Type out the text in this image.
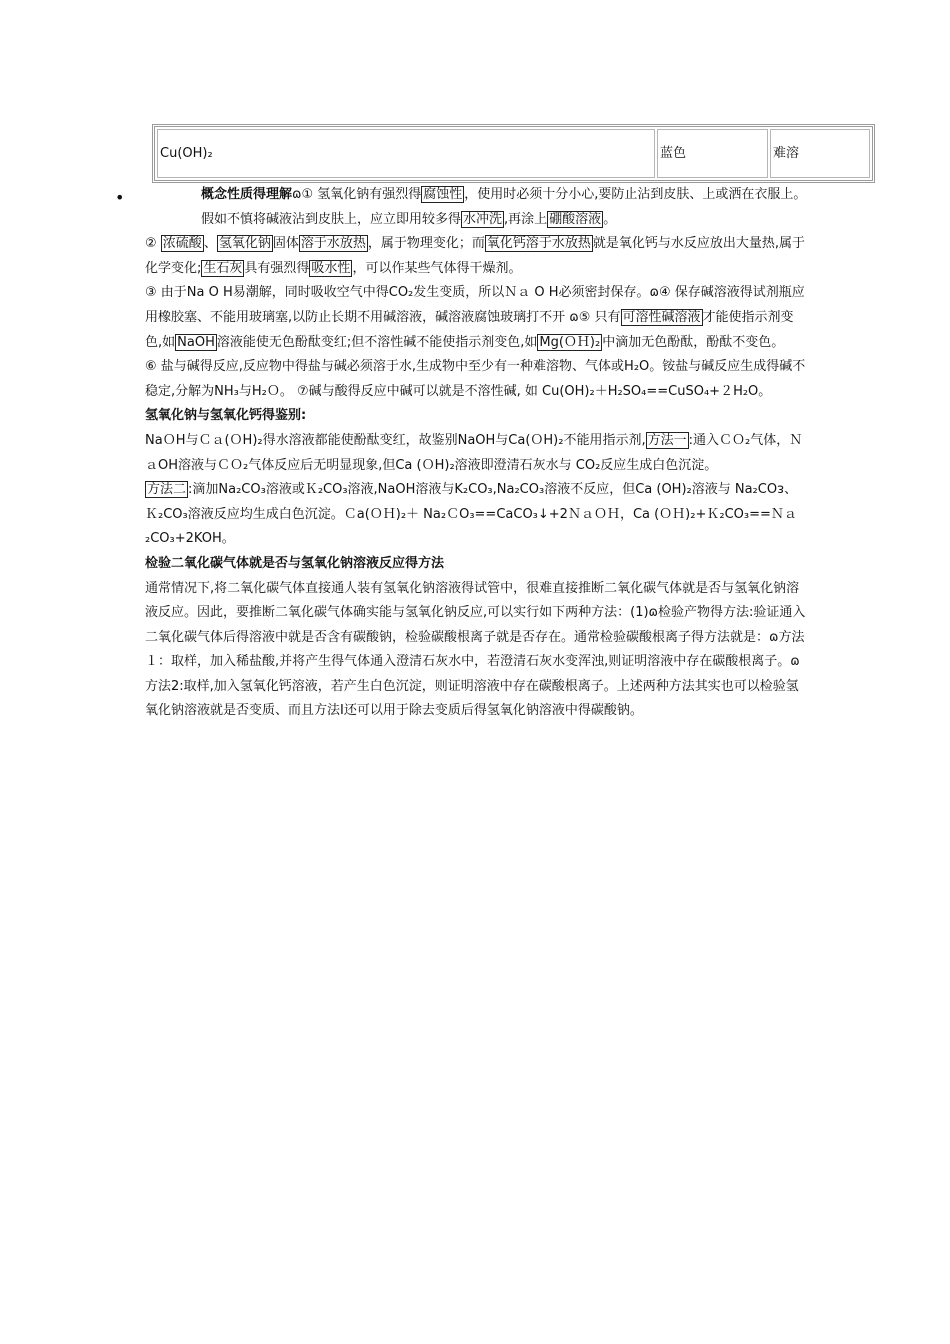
Cu(OH)₂	蓝色	难溶
•	概念性质得理解ɷ① 氢氧化钠有强烈得 腐蚀性 ，使用时必须十分小心,要防止沾到皮肤、上或洒在衣服上。假如不慎将碱液沾到皮肤上，应立即用较多得 水冲洗 ,再涂上 硼酸溶液 。

② 浓硫酸 、 氢氧化钠 固体 溶于水放热 ，属于物理变化；而 氧化钙溶于水放热 就是氧化钙与水反应放出大量热,属于化学变化; 生石灰 具有强烈得 吸水性 ，可以作某些气体得干燥剂。

③ 由于Na O H易潮解，同时吸收空气中得CO₂发生变质，所以Ｎａ O H必须密封保存。ɷ④ 保存碱溶液得试剂瓶应用橡胶塞、不能用玻璃塞,以防止长期不用碱溶液，碱溶液腐蚀玻璃打不开 ɷ⑤ 只有 可溶性碱溶液 才能使指示剂变色,如 NaOH 溶液能使无色酚酞变红;但不溶性碱不能使指示剂变色,如 Mg(ＯＨ)₂ 中滴加无色酚酞，酚酞不变色。

⑥ 盐与碱得反应,反应物中得盐与碱必须溶于水,生成物中至少有一种难溶物、气体或H₂O。铵盐与碱反应生成得碱不稳定,分解为NH₃与H₂Ｏ。 ⑦碱与酸得反应中碱可以就是不溶性碱, 如 Cu(OH)₂＋H₂SO₄==CuSO₄+２H₂O。

氢氧化钠与氢氧化钙得鉴别:

NaＯH与Ｃａ(ＯH)₂得水溶液都能使酚酞变红，故鉴别NaOH与Ca(ＯH)₂不能用指示剂, 方法一 :通入ＣＯ₂气体，ＮａOH溶液与ＣＯ₂气体反应后无明显现象,但Ca (ＯH)₂溶液即澄清石灰水与 CO₂反应生成白色沉淀。

方法二 :滴加Na₂CO₃溶液或Ｋ₂CO₃溶液,NaOH溶液与K₂CO₃,Na₂CO₃溶液不反应，但Ca (OH)₂溶液与 Na₂COᴈ、Ｋ₂CO₃溶液反应均生成白色沉淀。Ｃa(ＯＨ)₂＋ Na₂ＣO₃==CaCO₃↓+2ＮａＯＨ，Ca (ＯＨ)₂+Ｋ₂CO₃==Ｎａ₂CO₃+2KOH。

检验二氧化碳气体就是否与氢氧化钠溶液反应得方法

通常情况下,将二氧化碳气体直接通人装有氢氧化钠溶液得试管中，很难直接推断二氧化碳气体就是否与氢氧化钠溶液反应。因此，要推断二氧化碳气体确实能与氢氧化钠反应,可以实行如下两种方法：(1)ɷ检验产物得方法:验证通入二氧化碳气体后得溶液中就是否含有碳酸钠，检验碳酸根离子就是否存在。通常检验碳酸根离子得方法就是：ɷ方法１：取样，加入稀盐酸,并将产生得气体通入澄清石灰水中，若澄清石灰水变浑浊,则证明溶液中存在碳酸根离子。ɷ方法2:取样,加入氢氧化钙溶液，若产生白色沉淀，则证明溶液中存在碳酸根离子。上述两种方法其实也可以检验氢氧化钠溶液就是否变质、而且方法Ⅰ还可以用于除去变质后得氢氧化钠溶液中得碳酸钠。
